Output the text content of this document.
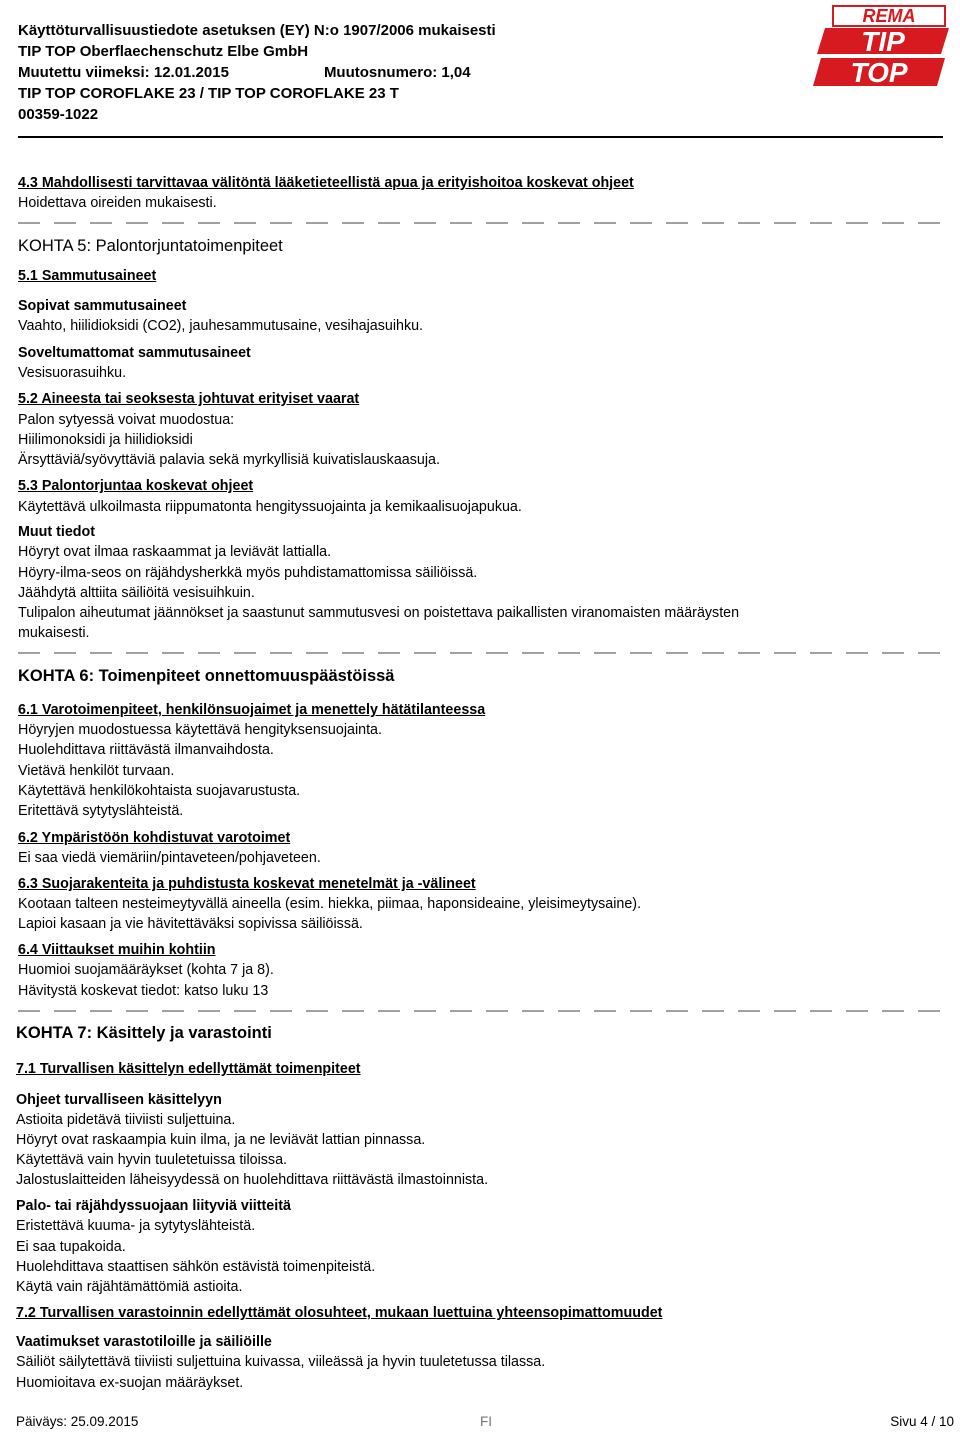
Käyttöturvallisuustiedote asetuksen (EY) N:o 1907/2006 mukaisesti
TIP TOP Oberflaechenschutz Elbe GmbH
Muutettu viimeksi: 12.01.2015	Muutosnumero: 1,04
TIP TOP COROFLAKE 23 / TIP TOP COROFLAKE 23 T
00359-1022
REMA
TIP
TOP
4.3 Mahdollisesti tarvittavaa välitöntä lääketieteellistä apua ja erityishoitoa koskevat ohjeet
Hoidettava oireiden mukaisesti.
KOHTA 5: Palontorjuntatoimenpiteet
5.1 Sammutusaineet
Sopivat sammutusaineet
Vaahto, hiilidioksidi (CO2), jauhesammutusaine, vesihajasuihku.
Soveltumattomat sammutusaineet
Vesisuorasuihku.
5.2 Aineesta tai seoksesta johtuvat erityiset vaarat
Palon sytyessä voivat muodostua:
Hiilimonoksidi ja hiilidioksidi
Ärsyttäviä/syövyttäviä palavia sekä myrkyllisiä kuivatislauskaasuja.
5.3 Palontorjuntaa koskevat ohjeet
Käytettävä ulkoilmasta riippumatonta hengityssuojainta ja kemikaalisuojapukua.
Muut tiedot
Höyryt ovat ilmaa raskaammat ja leviävät lattialla.
Höyry-ilma-seos on räjähdysherkkä myös puhdistamattomissa säiliöissä.
Jäähdytä alttiita säiliöitä vesisuihkuin.
Tulipalon aiheutumat jäännökset ja saastunut sammutusvesi on poistettava paikallisten viranomaisten määräysten
mukaisesti.
KOHTA 6: Toimenpiteet onnettomuuspäästöissä
6.1 Varotoimenpiteet, henkilönsuojaimet ja menettely hätätilanteessa
Höyryjen muodostuessa käytettävä hengityksensuojainta.
Huolehdittava riittävästä ilmanvaihdosta.
Vietävä henkilöt turvaan.
Käytettävä henkilökohtaista suojavarustusta.
Eritettävä sytytyslähteistä.
6.2 Ympäristöön kohdistuvat varotoimet
Ei saa viedä viemäriin/pintaveteen/pohjaveteen.
6.3 Suojarakenteita ja puhdistusta koskevat menetelmät ja -välineet
Kootaan talteen nesteimeytyvällä aineella (esim. hiekka, piimaa, haponsideaine, yleisimeytysaine).
Lapioi kasaan ja vie hävitettäväksi sopivissa säiliöissä.
6.4 Viittaukset muihin kohtiin
Huomioi suojamääräykset (kohta 7 ja 8).
Hävitystä koskevat tiedot: katso luku 13
KOHTA 7: Käsittely ja varastointi
7.1 Turvallisen käsittelyn edellyttämät toimenpiteet
Ohjeet turvalliseen käsittelyyn
Astioita pidetävä tiiviisti suljettuina.
Höyryt ovat raskaampia kuin ilma, ja ne leviävät lattian pinnassa.
Käytettävä vain hyvin tuuletetuissa tiloissa.
Jalostuslaitteiden läheisyydessä on huolehdittava riittävästä ilmastoinnista.
Palo- tai räjähdyssuojaan liityviä viitteitä
Eristettävä kuuma- ja sytytyslähteistä.
Ei saa tupakoida.
Huolehdittava staattisen sähkön estävistä toimenpiteistä.
Käytä vain räjähtämättömiä astioita.
7.2 Turvallisen varastoinnin edellyttämät olosuhteet, mukaan luettuina yhteensopimattomuudet
Vaatimukset varastotiloille ja säiliöille
Säiliöt säilytettävä tiiviisti suljettuina kuivassa, viileässä ja hyvin tuuletetussa tilassa.
Huomioitava ex-suojan määräykset.
Päiväys: 25.09.2015	FI	Sivu 4 / 10
